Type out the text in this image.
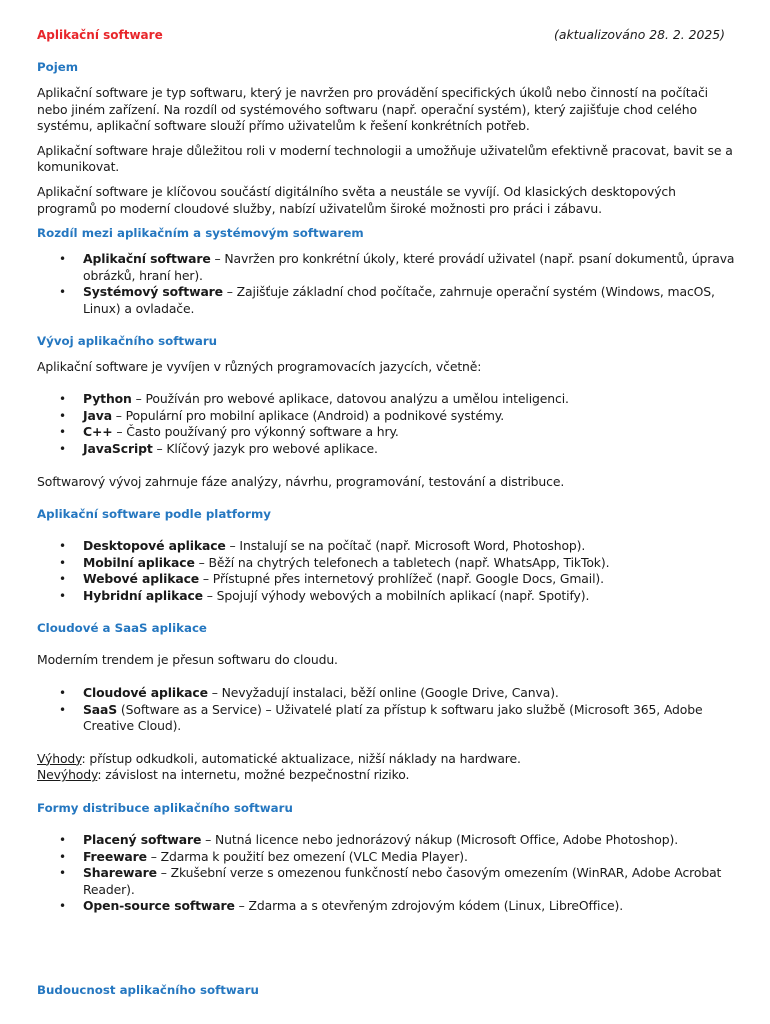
Aplikační software	(aktualizováno 28. 2. 2025)
Pojem

Aplikační software je typ softwaru, který je navržen pro provádění specifických úkolů nebo činností na počítači nebo jiném zařízení. Na rozdíl od systémového softwaru (např. operační systém), který zajišťuje chod celého systému, aplikační software slouží přímo uživatelům k řešení konkrétních potřeb.

Aplikační software hraje důležitou roli v moderní technologii a umožňuje uživatelům efektivně pracovat, bavit se a komunikovat.

Aplikační software je klíčovou součástí digitálního světa a neustále se vyvíjí. Od klasických desktopových programů po moderní cloudové služby, nabízí uživatelům široké možnosti pro práci i zábavu.

Rozdíl mezi aplikačním a systémovým softwarem
• Aplikační software – Navržen pro konkrétní úkoly, které provádí uživatel (např. psaní dokumentů, úprava obrázků, hraní her).
• Systémový software – Zajišťuje základní chod počítače, zahrnuje operační systém (Windows, macOS, Linux) a ovladače.
Vývoj aplikačního softwaru

Aplikační software je vyvíjen v různých programovacích jazycích, včetně:

• Python – Používán pro webové aplikace, datovou analýzu a umělou inteligenci.
• Java – Populární pro mobilní aplikace (Android) a podnikové systémy.
• C++ – Často používaný pro výkonný software a hry.
• JavaScript – Klíčový jazyk pro webové aplikace.

Softwarový vývoj zahrnuje fáze analýzy, návrhu, programování, testování a distribuce.

Aplikační software podle platformy
• Desktopové aplikace – Instalují se na počítač (např. Microsoft Word, Photoshop).
• Mobilní aplikace – Běží na chytrých telefonech a tabletech (např. WhatsApp, TikTok).
• Webové aplikace – Přístupné přes internetový prohlížeč (např. Google Docs, Gmail).
• Hybridní aplikace – Spojují výhody webových a mobilních aplikací (např. Spotify).
Cloudové a SaaS aplikace

Moderním trendem je přesun softwaru do cloudu.

• Cloudové aplikace – Nevyžadují instalaci, běží online (Google Drive, Canva).
• SaaS (Software as a Service) – Uživatelé platí za přístup k softwaru jako službě (Microsoft 365, Adobe Creative Cloud).

Výhody: přístup odkudkoli, automatické aktualizace, nižší náklady na hardware.

Nevýhody: závislost na internetu, možné bezpečnostní riziko.

Formy distribuce aplikačního softwaru
• Placený software – Nutná licence nebo jednorázový nákup (Microsoft Office, Adobe Photoshop).
• Freeware – Zdarma k použití bez omezení (VLC Media Player).
• Shareware – Zkušební verze s omezenou funkčností nebo časovým omezením (WinRAR, Adobe Acrobat Reader).
• Open-source software – Zdarma a s otevřeným zdrojovým kódem (Linux, LibreOffice).
Budoucnost aplikačního softwaru
